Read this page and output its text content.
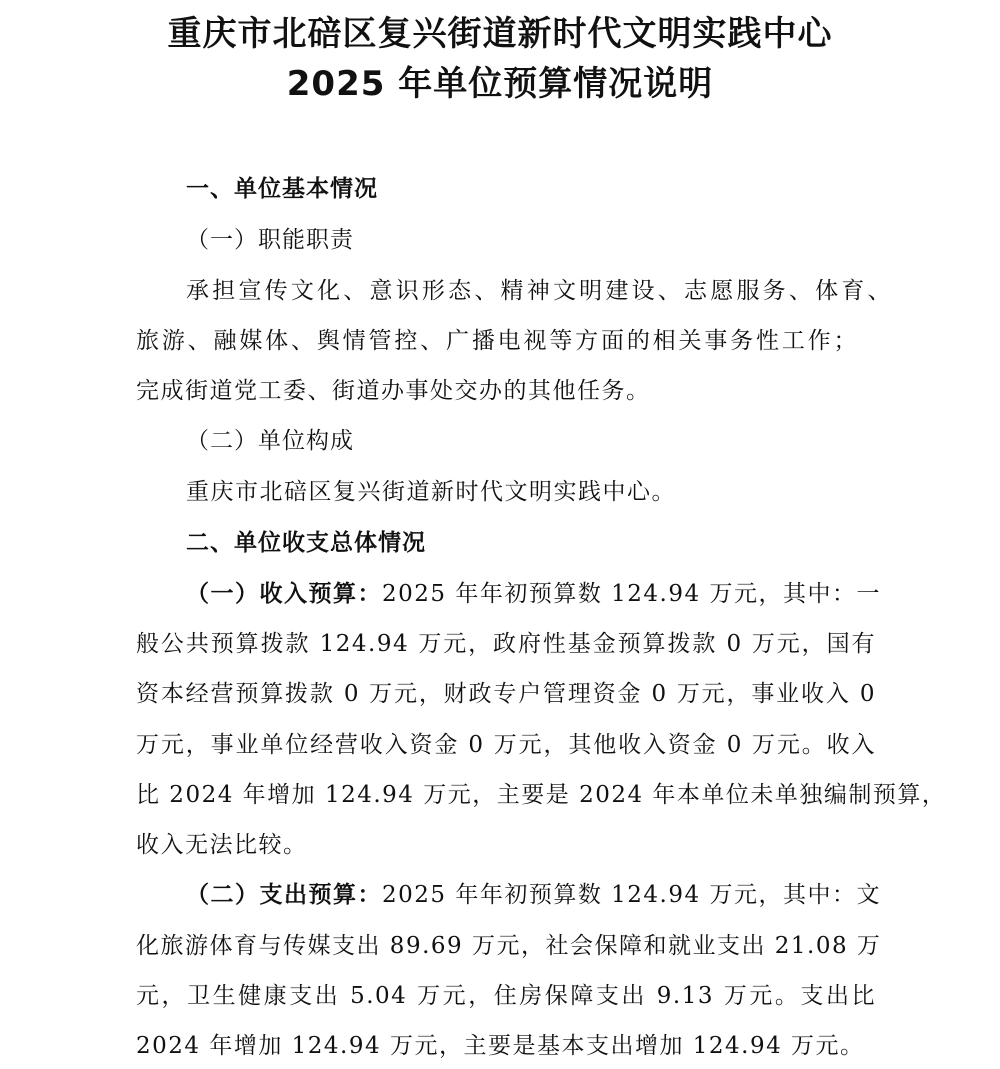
重庆市北碚区复兴街道新时代文明实践中心
2025 年单位预算情况说明
一、单位基本情况
（一）职能职责
承担宣传文化、意识形态、精神文明建设、志愿服务、体育、
旅游、融媒体、舆情管控、广播电视等方面的相关事务性工作；
完成街道党工委、街道办事处交办的其他任务。
（二）单位构成
重庆市北碚区复兴街道新时代文明实践中心。
二、单位收支总体情况
（一）收入预算： 2025 年年初预算数 124.94 万元，其中：一
般公共预算拨款 124.94 万元，政府性基金预算拨款 0 万元，国有
资本经营预算拨款 0 万元，财政专户管理资金 0 万元，事业收入 0
万元，事业单位经营收入资金 0 万元，其他收入资金 0 万元。收入
比 2024 年增加 124.94 万元，主要是 2024 年本单位未单独编制预算，
收入无法比较。
（二）支出预算： 2025 年年初预算数 124.94 万元，其中：文
化旅游体育与传媒支出 89.69 万元，社会保障和就业支出 21.08 万
元，卫生健康支出 5.04 万元，住房保障支出 9.13 万元。支出比
2024 年增加 124.94 万元，主要是基本支出增加 124.94 万元。
